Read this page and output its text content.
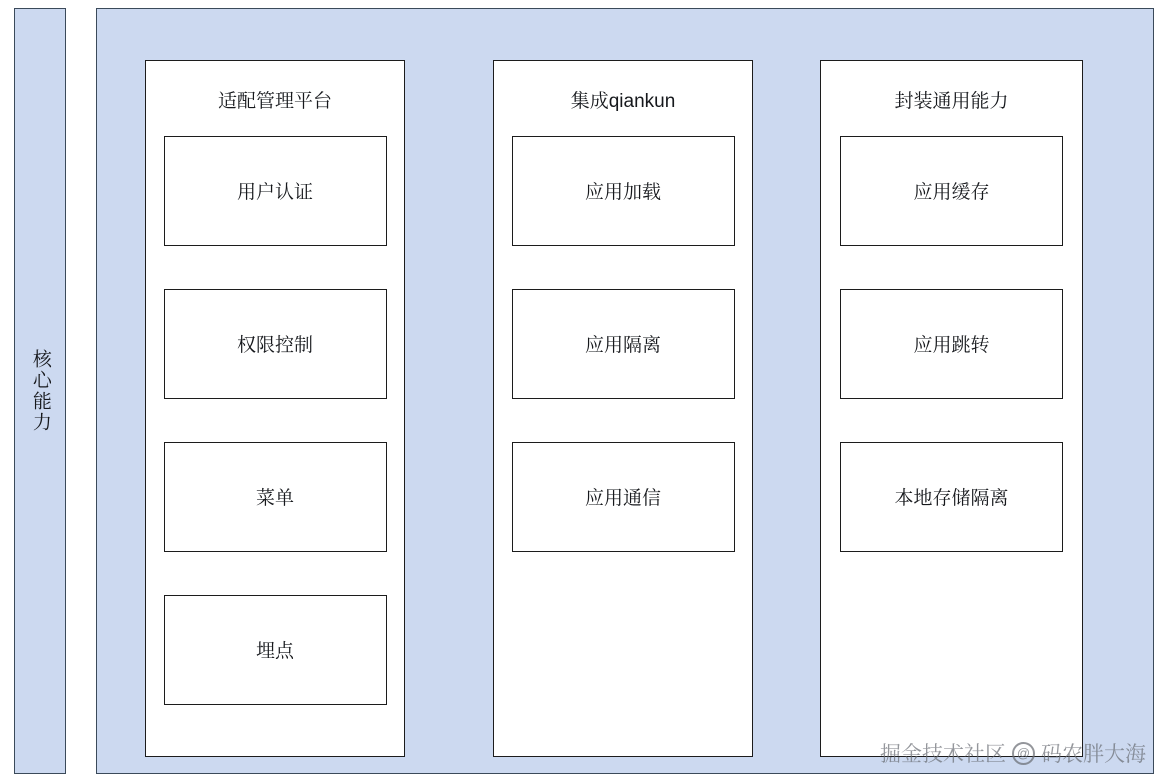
核心能力
适配管理平台
用户认证
权限控制
菜单
埋点
集成qiankun
应用加载
应用隔离
应用通信
封装通用能力
应用缓存
应用跳转
本地存储隔离
掘金技术社区 @ 码农胖大海
